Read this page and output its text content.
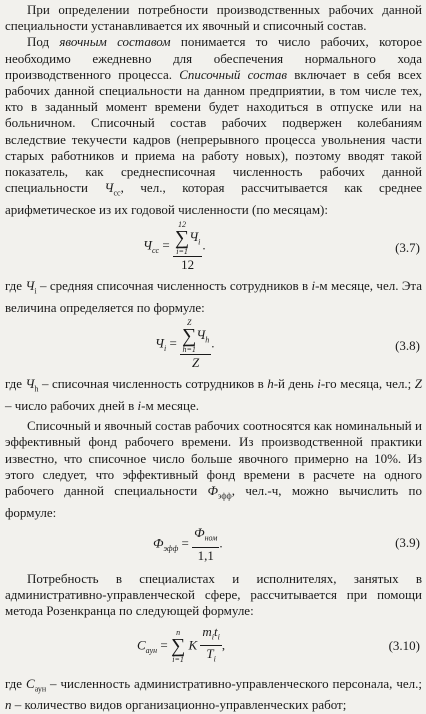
При определении потребности производственных рабочих данной специальности устанавливается их явочный и списочный состав.

Под явочным составом понимается то число рабочих, которое необходимо ежедневно для обеспечения нормального хода производственного процесса. Списочный состав включает в себя всех рабочих данной специальности на данном предприятии, в том числе тех, кто в заданный момент времени будет находиться в отпуске или на больничном. Списочный состав рабочих подвержен колебаниям вследствие текучести кадров (непрерывного процесса увольнения части старых работников и приема на работу новых), поэтому вводят такой показатель, как среднесписочная численность рабочих данной специальности $Ч_{сс}$, чел., которая рассчитывается как среднее арифметическое из их годовой численности (по месяцам):

$Ч_{сс} = 12$
∑
i=1
$Ч_i$
12 .	(3.7)

где $Ч_i$ – средняя списочная численность сотрудников в i-м месяце, чел. Эта величина определяется по формуле:

$Ч_i = Z$
∑
h=1
$Ч_h$
Z .	(3.8)

где $Ч_h$ – списочная численность сотрудников в h-й день i-го месяца, чел.; Z – число рабочих дней в i-м месяце.

Списочный и явочный состав рабочих соотносятся как номинальный и эффективный фонд рабочего времени. Из производственной практики известно, что списочное число больше явочного примерно на 10%. Из этого следует, что эффективный фонд времени в расчете на одного рабочего данной специальности $Ф_{эфф}$, чел.-ч, можно вычислить по формуле:

$Ф_{эфф} = \frac{Ф_{ном}}{1,1}$ .	(3.9)

Потребность в специалистах и исполнителях, занятых в административно-управленческой сфере, рассчитывается при помощи метода Розенкранца по следующей формуле:

$С_{аун}$ =
n
∑
i=1
K $\frac{m_it_i}{T_i}$ ,	(3.10)

где $С_{аун}$ – численность административно-управленческого персонала, чел.; n – количество видов организационно-управленческих работ;
